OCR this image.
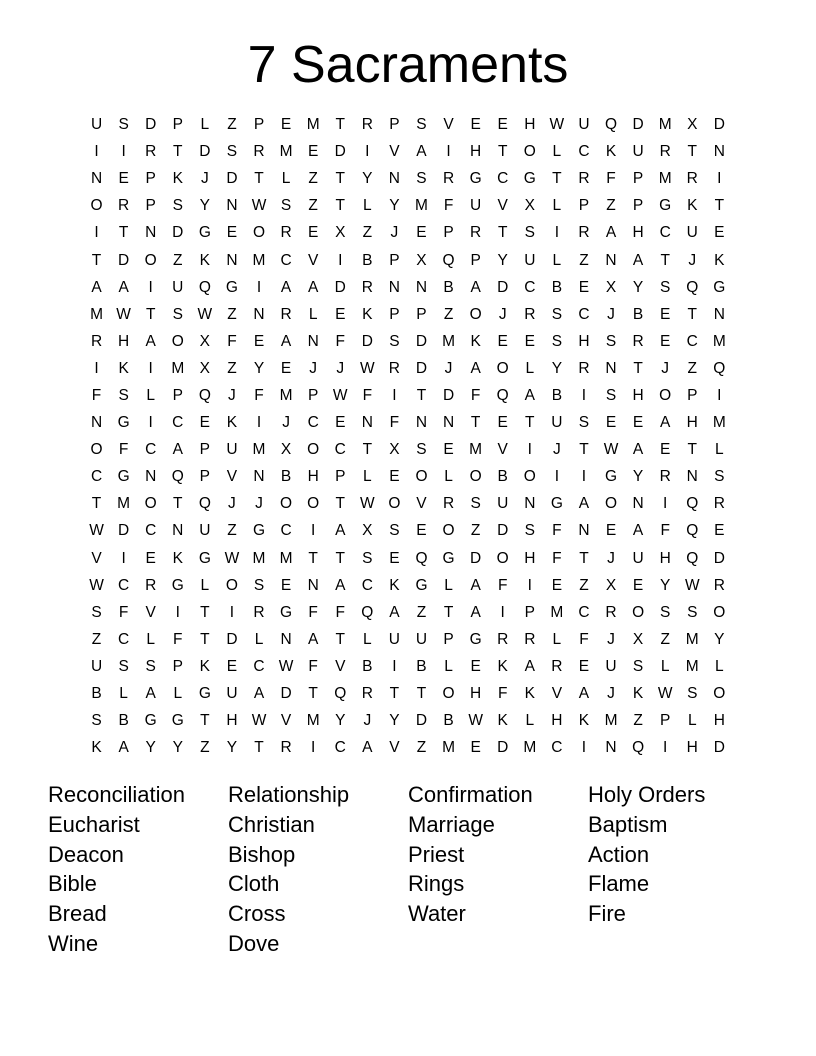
7 Sacraments
U	S	D	P	L	Z	P	E M	T	R	P	S	V	E	E	H W U Q D M X	D
I	I	R	T	D	S	R M E	D	I	V	A	I	H	T	O	L	C	K	U	R	T	N
N	E	P	K	J	D	T	L	Z	T	Y	N	S	R G C G	T	R	F	P M R	I
O R	P	S	Y	N W S	Z	T	L	Y M	F	U	V	X	L	P	Z	P	G	K	T
I	T	N	D G	E	O R	E	X	Z	J	E	P	R	T	S	I	R	A	H	C	U	E
T	D O	Z	K	N M C	V	I	B	P	X	Q	P	Y	U	L	Z	N	A	T	J	K
A	A	I	U Q G	I	A	A	D	R	N	N	B	A	D	C	B	E	X	Y	S	Q G
M W T	S W Z	N	R	L	E	K	P	P	Z	O	J	R	S	C	J	B	E	T	N
R	H	A	O	X	F	E	A	N	F	D	S	D M K	E	E	S	H	S	R	E	C M
I	K	I	M X	Z	Y	E	J	J	W R	D	J	A	O	L	Y	R	N	T	J	Z	Q
F	S	L	P	Q	J	F	M P W F	I	T	D	F	Q	A	B	I	S	H O	P	I
N G	I	C	E	K	I	J	C	E	N	F	N	N	T	E	T	U	S	E	E	A	H M
O	F	C	A	P	U M X	O C	T	X	S	E M V	I	J	T W A	E	T	L
C G N Q	P	V	N	B	H	P	L	E	O	L	O	B	O	I	I	G	Y	R	N	S
T	M O	T	Q	J	J	O O	T W O	V	R	S	U	N G	A	O N	I	Q R
W D	C	N	U	Z	G C	I	A	X	S	E	O	Z	D	S	F	N	E	A	F	Q	E
V	I	E	K	G W M M	T	T	S	E	Q G D O H	F	T	J	U	H Q D
W C	R G	L	O	S	E	N	A	C	K	G	L	A	F	I	E	Z	X	E	Y W R
S	F	V	I	T	I	R G	F	F	Q	A	Z	T	A	I	P M C	R O	S	S	O
Z	C	L	F	T	D	L	N	A	T	L	U	U	P	G R	R	L	F	J	X	Z	M Y
U	S	S	P	K	E	C W F	V	B	I	B	L	E	K	A	R	E	U	S	L	M	L
B	L	A	L	G U	A	D	T	Q R	T	T	O H	F	K	V	A	J	K W S	O
S	B	G G	T	H W V M Y	J	Y	D	B W K	L	H	K M	Z	P	L	H
K	A	Y	Y	Z	Y	T	R	I	C	A	V	Z	M E	D M C	I	N Q	I	H	D
Reconciliation	Relationship	Confirmation	Holy Orders
Eucharist	Christian	Marriage	Baptism
Deacon	Bishop	Priest	Action
Bible	Cloth	Rings	Flame
Bread	Cross	Water	Fire
Wine	Dove
